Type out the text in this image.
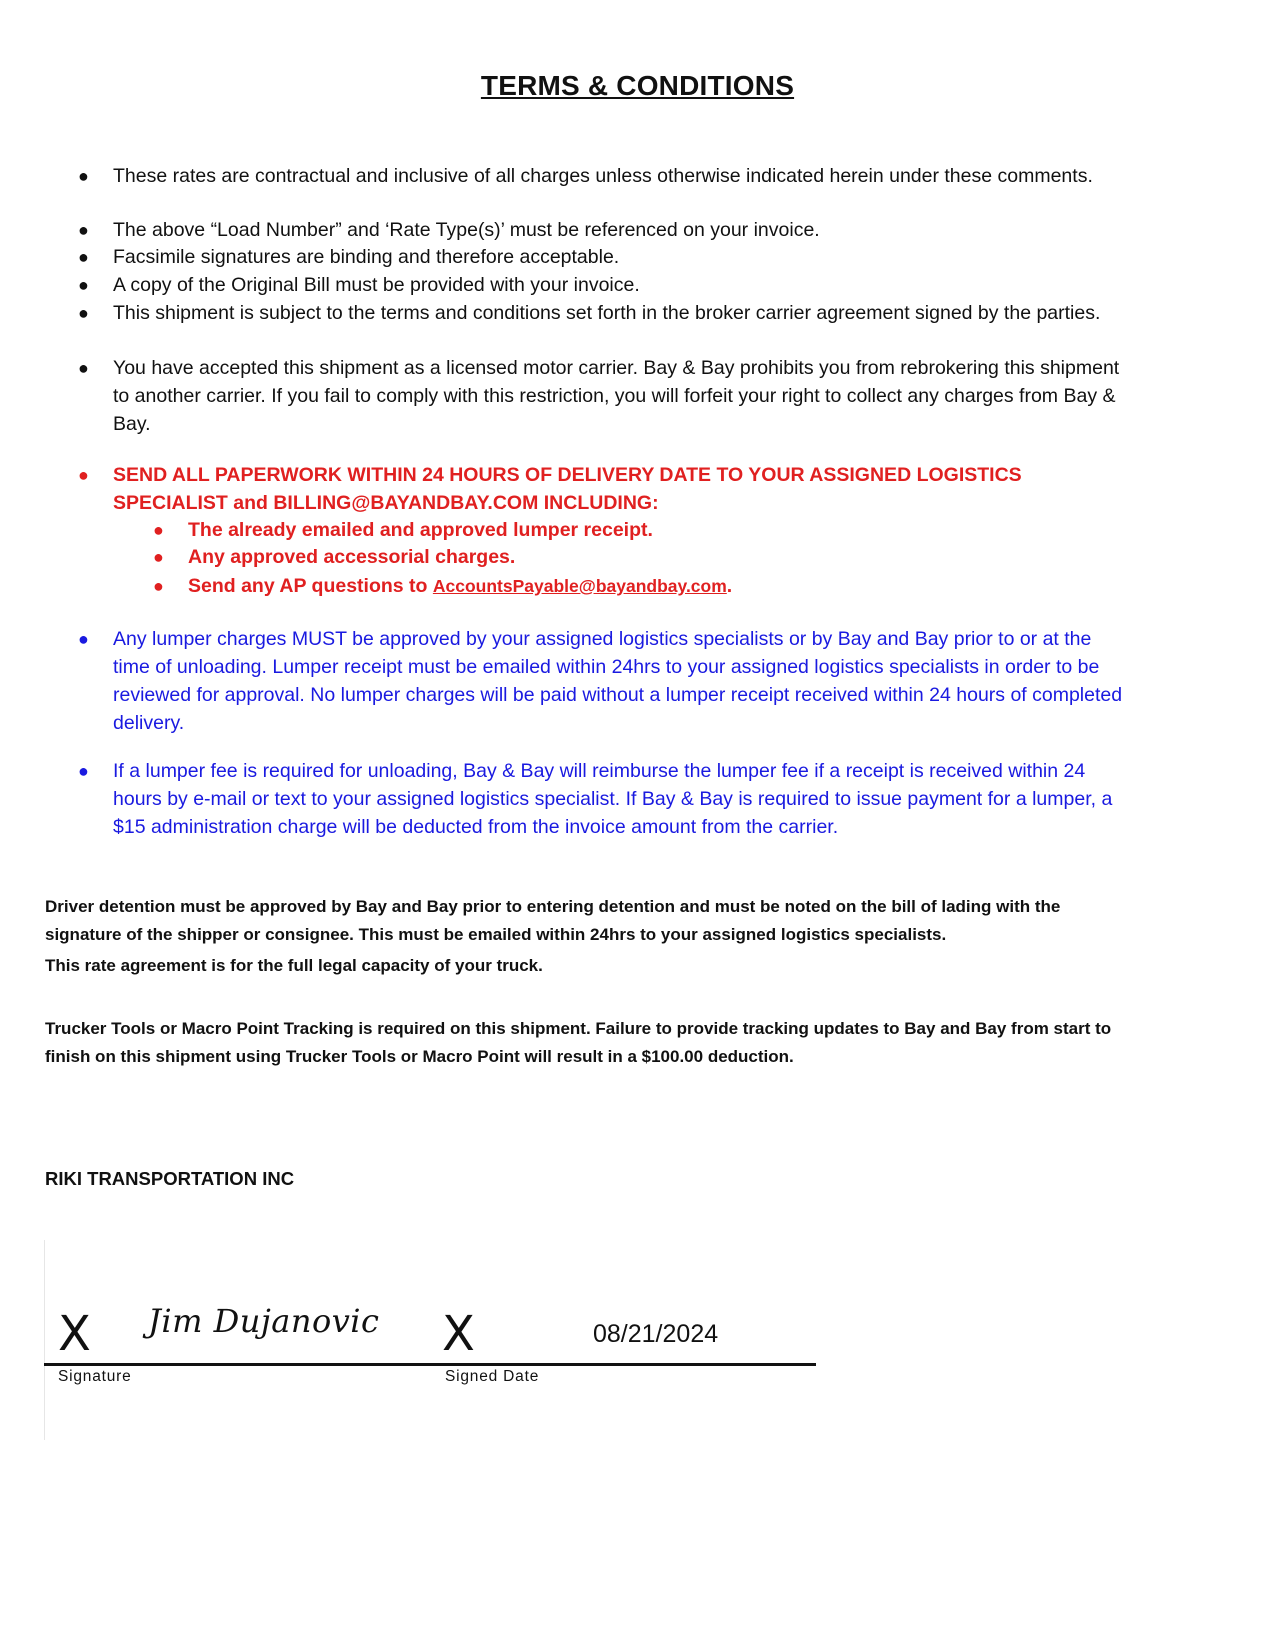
TERMS & CONDITIONS
● These rates are contractual and inclusive of all charges unless otherwise indicated herein under these comments.
● The above “Load Number” and ‘Rate Type(s)’ must be referenced on your invoice.
● Facsimile signatures are binding and therefore acceptable.
● A copy of the Original Bill must be provided with your invoice.
● This shipment is subject to the terms and conditions set forth in the broker carrier agreement signed by the parties.
● You have accepted this shipment as a licensed motor carrier. Bay & Bay prohibits you from rebrokering this shipment to another carrier. If you fail to comply with this restriction, you will forfeit your right to collect any charges from Bay & Bay.
● SEND ALL PAPERWORK WITHIN 24 HOURS OF DELIVERY DATE TO YOUR ASSIGNED LOGISTICS SPECIALIST and BILLING@BAYANDBAY.COM INCLUDING:
● The already emailed and approved lumper receipt.
● Any approved accessorial charges.
● Send any AP questions to AccountsPayable@bayandbay.com.
● Any lumper charges MUST be approved by your assigned logistics specialists or by Bay and Bay prior to or at the time of unloading. Lumper receipt must be emailed within 24hrs to your assigned logistics specialists in order to be reviewed for approval. No lumper charges will be paid without a lumper receipt received within 24 hours of completed delivery.
● If a lumper fee is required for unloading, Bay & Bay will reimburse the lumper fee if a receipt is received within 24 hours by e-mail or text to your assigned logistics specialist. If Bay & Bay is required to issue payment for a lumper, a $15 administration charge will be deducted from the invoice amount from the carrier.
Driver detention must be approved by Bay and Bay prior to entering detention and must be noted on the bill of lading with the signature of the shipper or consignee. This must be emailed within 24hrs to your assigned logistics specialists.
This rate agreement is for the full legal capacity of your truck.
Trucker Tools or Macro Point Tracking is required on this shipment. Failure to provide tracking updates to Bay and Bay from start to finish on this shipment using Trucker Tools or Macro Point will result in a $100.00 deduction.
RIKI TRANSPORTATION INC
X Jim Dujanovic
Signature
X	08/21/2024
Signed Date
